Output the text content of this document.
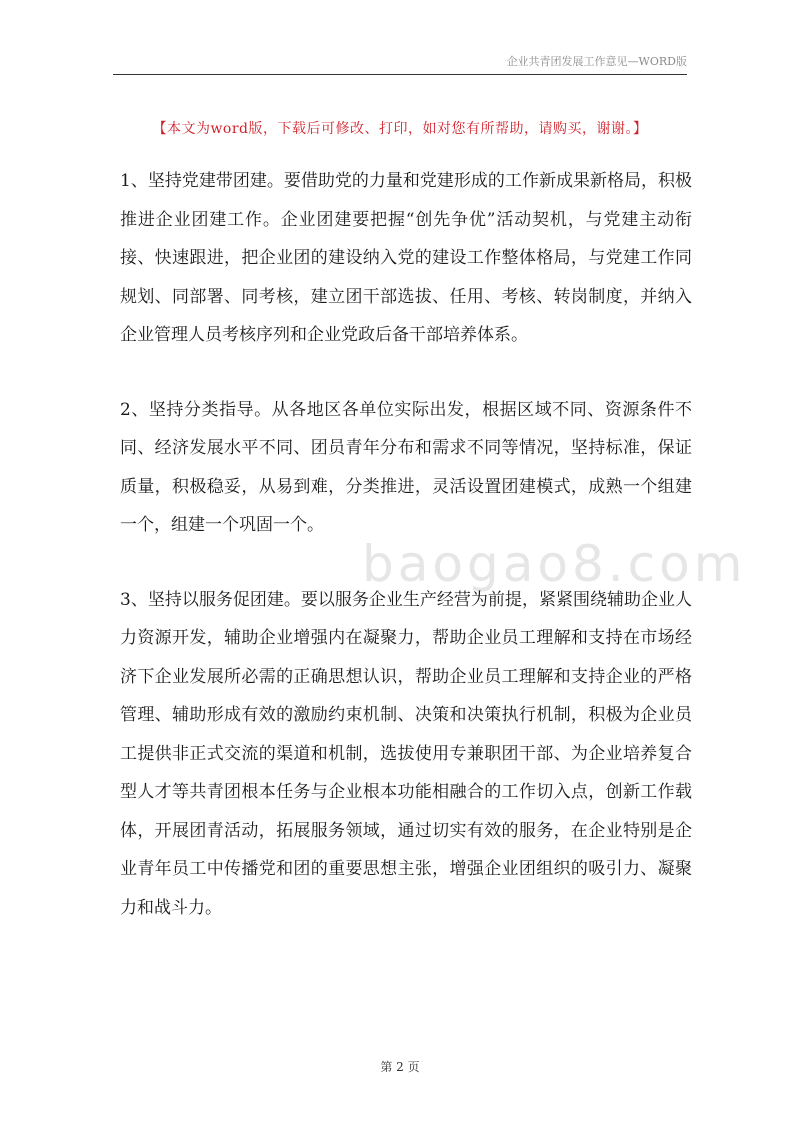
企业共青团发展工作意见—WORD版
【本文为word版，下载后可修改、打印，如对您有所帮助，请购买，谢谢。】
baogao8.com

1、坚持党建带团建。要借助党的力量和党建形成的工作新成果新格局，积极推进企业团建工作。企业团建要把握“创先争优”活动契机，与党建主动衔接、快速跟进，把企业团的建设纳入党的建设工作整体格局，与党建工作同规划、同部署、同考核，建立团干部选拔、任用、考核、转岗制度，并纳入企业管理人员考核序列和企业党政后备干部培养体系。

2、坚持分类指导。从各地区各单位实际出发，根据区域不同、资源条件不同、经济发展水平不同、团员青年分布和需求不同等情况，坚持标准，保证质量，积极稳妥，从易到难，分类推进，灵活设置团建模式，成熟一个组建一个，组建一个巩固一个。

3、坚持以服务促团建。要以服务企业生产经营为前提，紧紧围绕辅助企业人力资源开发，辅助企业增强内在凝聚力，帮助企业员工理解和支持在市场经济下企业发展所必需的正确思想认识，帮助企业员工理解和支持企业的严格管理、辅助形成有效的激励约束机制、决策和决策执行机制，积极为企业员工提供非正式交流的渠道和机制，选拔使用专兼职团干部、为企业培养复合型人才等共青团根本任务与企业根本功能相融合的工作切入点，创新工作载体，开展团青活动，拓展服务领域，通过切实有效的服务，在企业特别是企业青年员工中传播党和团的重要思想主张，增强企业团组织的吸引力、凝聚力和战斗力。

第 2 页
